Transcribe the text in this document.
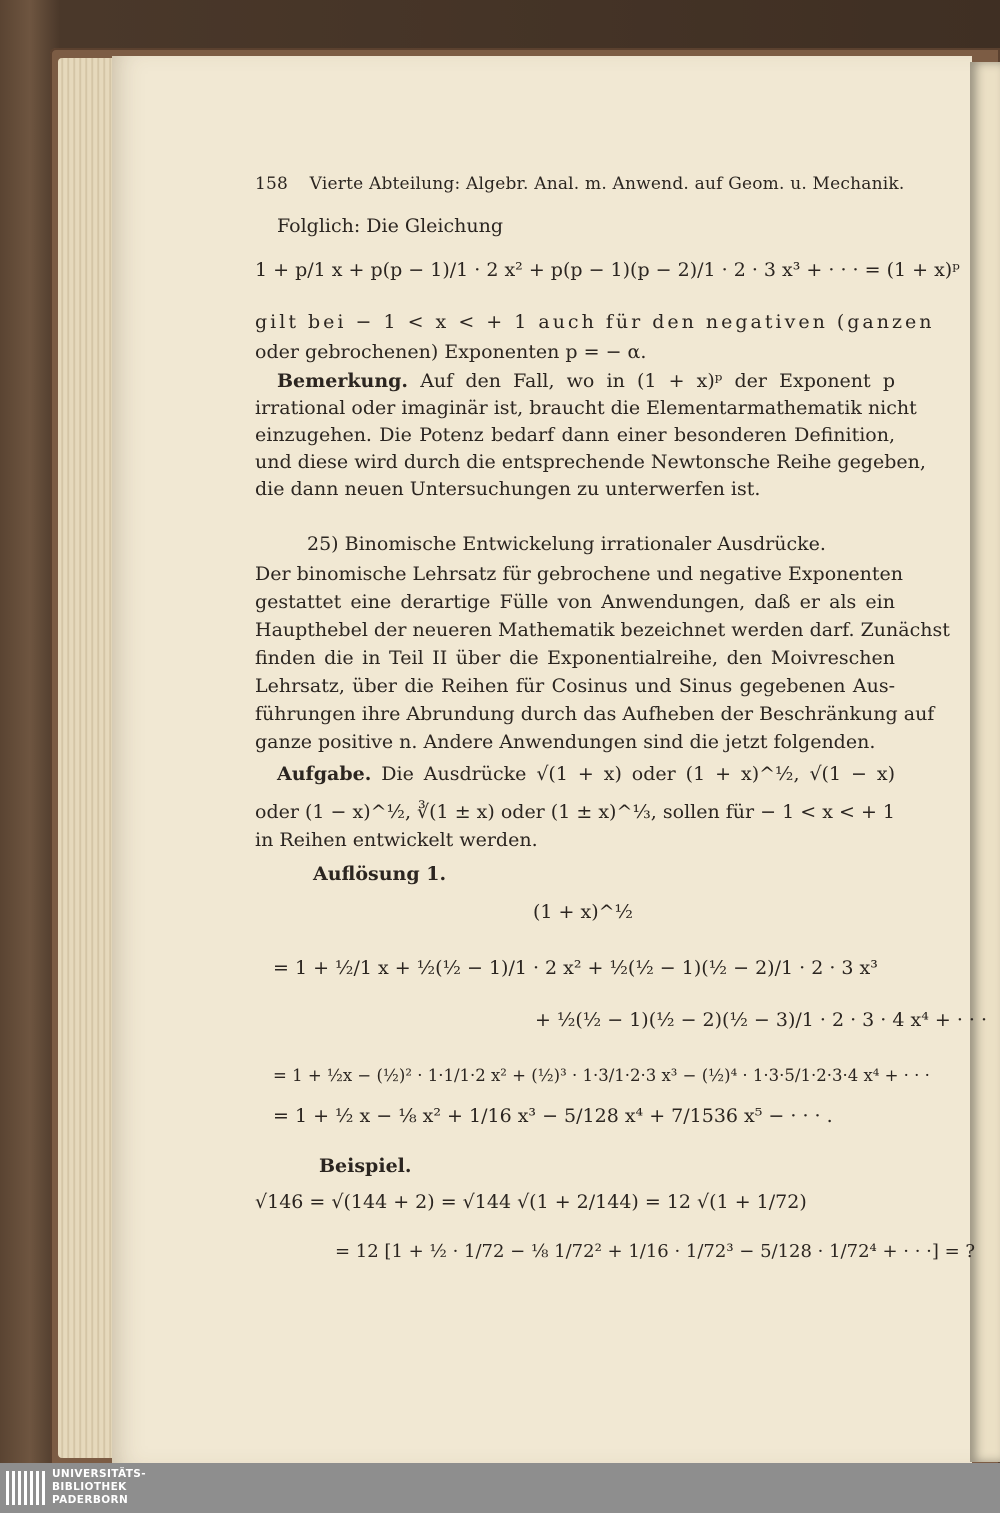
158 Vierte Abteilung: Algebr. Anal. m. Anwend. auf Geom. u. Mechanik.
Folglich: Die Gleichung
1 + p/1 x + p(p − 1)/1 · 2 x² + p(p − 1)(p − 2)/1 · 2 · 3 x³ + · · · = (1 + x)ᵖ
gilt bei − 1 < x < + 1 auch für den negativen (ganzen
oder gebrochenen) Exponenten p = − α.
Bemerkung. Auf den Fall, wo in (1 + x)ᵖ der Exponent p
irrational oder imaginär ist, braucht die Elementarmathematik nicht
einzugehen. Die Potenz bedarf dann einer besonderen Definition,
und diese wird durch die entsprechende Newtonsche Reihe gegeben,
die dann neuen Untersuchungen zu unterwerfen ist.
25) Binomische Entwickelung irrationaler Ausdrücke.
Der binomische Lehrsatz für gebrochene und negative Exponenten
gestattet eine derartige Fülle von Anwendungen, daß er als ein
Haupthebel der neueren Mathematik bezeichnet werden darf. Zunächst
finden die in Teil II über die Exponentialreihe, den Moivreschen
Lehrsatz, über die Reihen für Cosinus und Sinus gegebenen Aus-
führungen ihre Abrundung durch das Aufheben der Beschränkung auf
ganze positive n. Andere Anwendungen sind die jetzt folgenden.
Aufgabe. Die Ausdrücke √(1 + x) oder (1 + x)^½, √(1 − x)
oder (1 − x)^½, ∛(1 ± x) oder (1 ± x)^⅓, sollen für − 1 < x < + 1
in Reihen entwickelt werden.
Auflösung 1.
(1 + x)^½
= 1 + ½/1 x + ½(½ − 1)/1 · 2 x² + ½(½ − 1)(½ − 2)/1 · 2 · 3 x³
+ ½(½ − 1)(½ − 2)(½ − 3)/1 · 2 · 3 · 4 x⁴ + · · ·
= 1 + ½x − (½)² · 1·1/1·2 x² + (½)³ · 1·3/1·2·3 x³ − (½)⁴ · 1·3·5/1·2·3·4 x⁴ + · · ·
= 1 + ½ x − ⅛ x² + 1/16 x³ − 5/128 x⁴ + 7/1536 x⁵ − · · · .
Beispiel.
√146 = √(144 + 2) = √144 √(1 + 2/144) = 12 √(1 + 1/72)
= 12 [1 + ½ · 1/72 − ⅛ 1/72² + 1/16 · 1/72³ − 5/128 · 1/72⁴ + · · ·] = ?
UNIVERSITÄTS-
BIBLIOTHEK
PADERBORN
